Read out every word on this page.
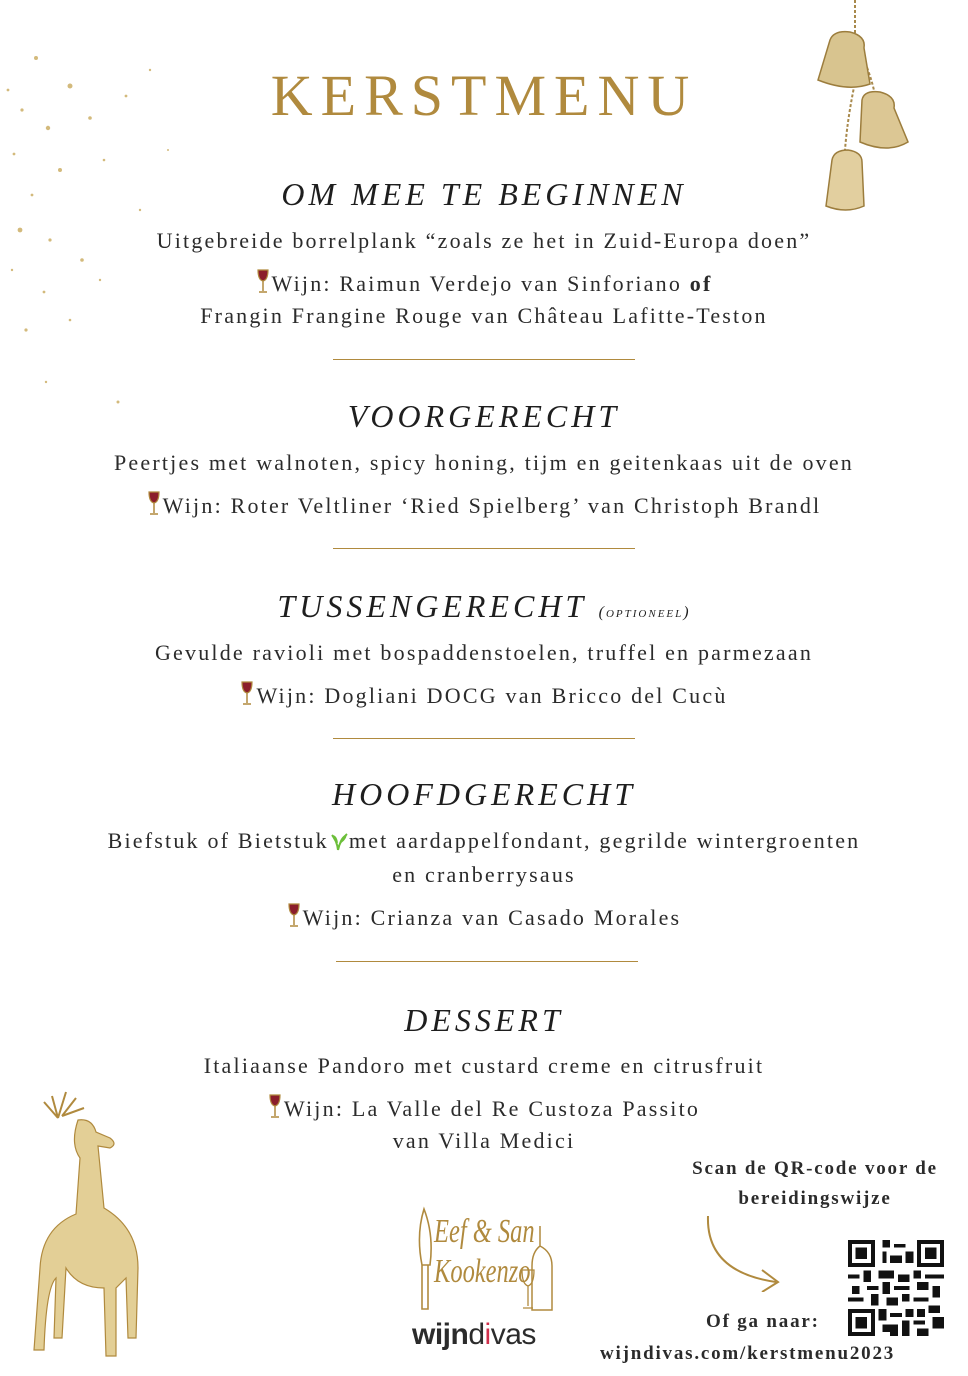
KERSTMENU
OM MEE TE BEGINNEN
Uitgebreide borrelplank “zoals ze het in Zuid-Europa doen”
Wijn: Raimun Verdejo van Sinforiano of
Frangin Frangine Rouge van Château Lafitte-Teston
VOORGERECHT
Peertjes met walnoten, spicy honing, tijm en geitenkaas uit de oven
Wijn: Roter Veltliner ‘Ried Spielberg’ van Christoph Brandl
TUSSENGERECHT (optioneel)
Gevulde ravioli met bospaddenstoelen, truffel en parmezaan
Wijn: Dogliani DOCG van Bricco del Cucù
HOOFDGERECHT
Biefstuk of Bietstuk met aardappelfondant, gegrilde wintergroenten
en cranberrysaus
Wijn: Crianza van Casado Morales
DESSERT
Italiaanse Pandoro met custard creme en citrusfruit
Wijn: La Valle del Re Custoza Passito
van Villa Medici
Eef & San
Kookenzo
wijndivas
Scan de QR-code voor de
bereidingswijze
Of ga naar:
wijndivas.com/kerstmenu2023
